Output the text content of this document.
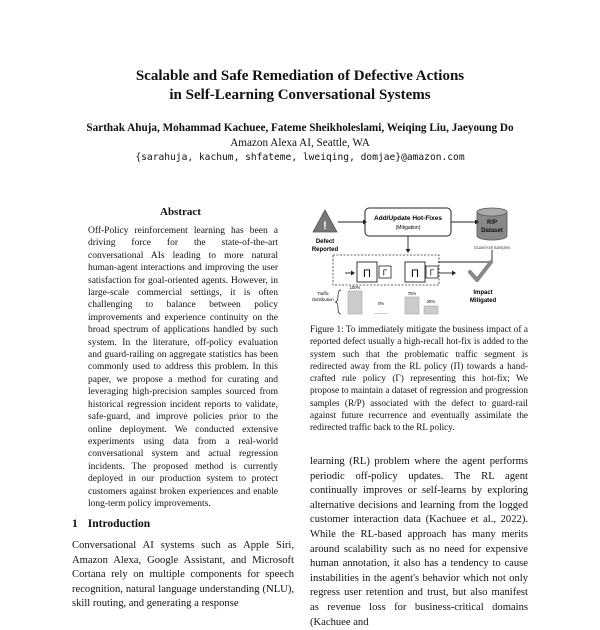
Scalable and Safe Remediation of Defective Actions
in Self-Learning Conversational Systems
Sarthak Ahuja, Mohammad Kachuee, Fateme Sheikholeslami, Weiqing Liu, Jaeyoung Do
Amazon Alexa AI, Seattle, WA
{sarahuja, kachum, shfateme, lweiqing, domjae}@amazon.com
Abstract
Off-Policy reinforcement learning has been a driving force for the state-of-the-art conversational AIs leading to more natural human-agent interactions and improving the user satisfaction for goal-oriented agents. However, in large-scale commercial settings, it is often challenging to balance between policy improvements and experience continuity on the broad spectrum of applications handled by such system. In the literature, off-policy evaluation and guard-railing on aggregate statistics has been commonly used to address this problem. In this paper, we propose a method for curating and leveraging high-precision samples sourced from historical regression incident reports to validate, safe-guard, and improve policies prior to the online deployment. We conducted extensive experiments using data from a real-world conversational system and actual regression incidents. The proposed method is currently deployed in our production system to protect customers against broken experiences and enable long-term policy improvements.
1 Introduction
Conversational AI systems such as Apple Siri, Amazon Alexa, Google Assistant, and Microsoft Cortana rely on multiple components for speech recognition, natural language understanding (NLU), skill routing, and generating a response
!
Defect
Reported
Add/Update Hot-Fixes
(Mitigation)
R/P
Dataset
Guard-rail Samples
Π Γ Π Γ
Traffic
Distribution
100%
0%
75%
25%
Impact
Mitigated
Figure 1: To immediately mitigate the business impact of a reported defect usually a high-recall hot-fix is added to the system such that the problematic traffic segment is redirected away from the RL policy (Π) towards a hand-crafted rule policy (Γ) representing this hot-fix; We propose to maintain a dataset of regression and progression samples (R/P) associated with the defect to guard-rail against future recurrence and eventually assimilate the redirected traffic back to the RL policy.
learning (RL) problem where the agent performs periodic off-policy updates. The RL agent continually improves or self-learns by exploring alternative decisions and learning from the logged customer interaction data (Kachuee et al., 2022). While the RL-based approach has many merits around scalability such as no need for expensive human annotation, it also has a tendency to cause instabilities in the agent's behavior which not only regress user retention and trust, but also manifest as revenue loss for business-critical domains (Kachuee and
